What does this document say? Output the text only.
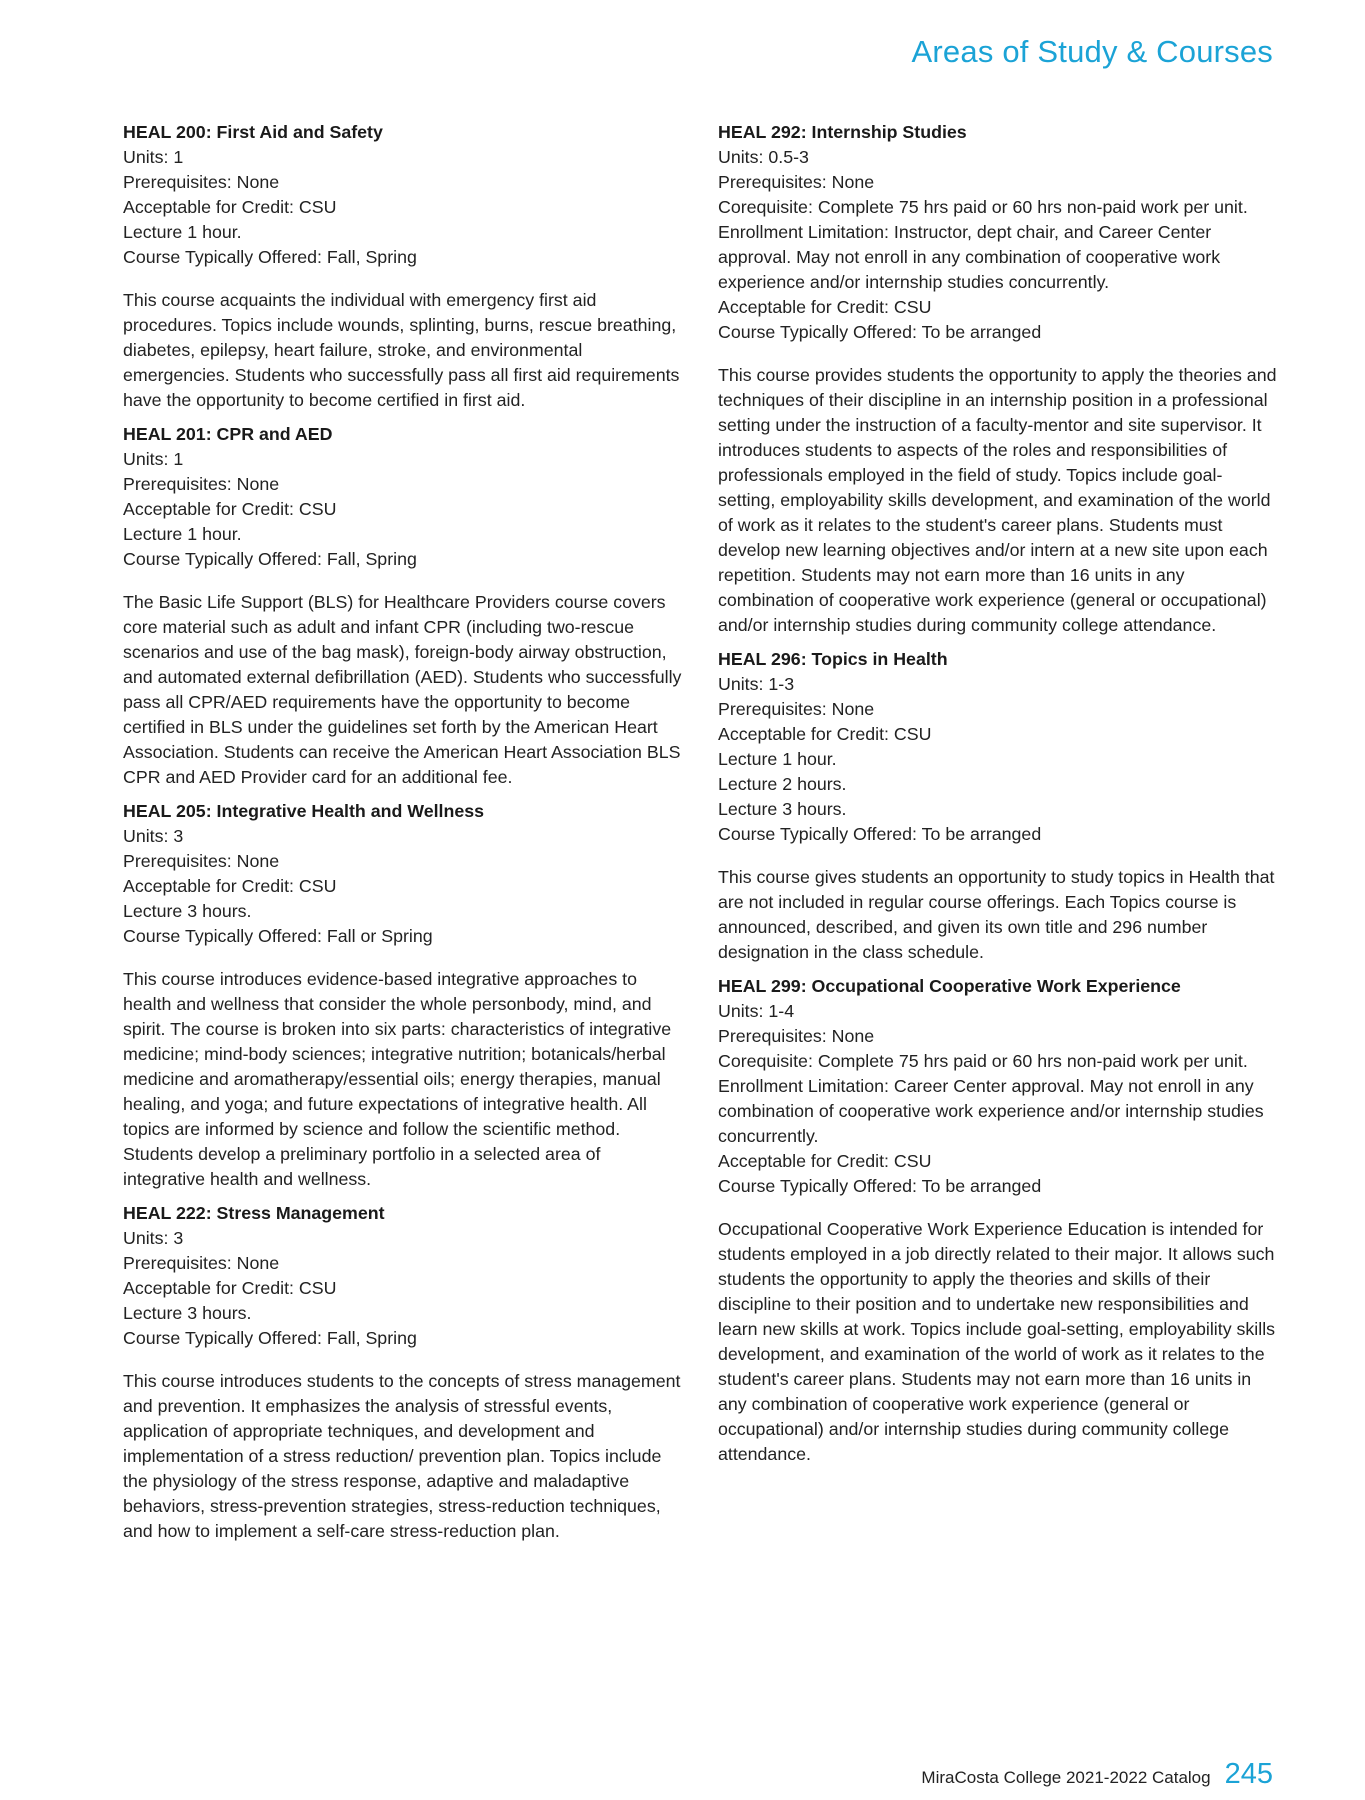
Areas of Study & Courses
HEAL 200: First Aid and Safety
Units: 1
Prerequisites: None
Acceptable for Credit: CSU
Lecture 1 hour.
Course Typically Offered: Fall, Spring
This course acquaints the individual with emergency first aid procedures. Topics include wounds, splinting, burns, rescue breathing, diabetes, epilepsy, heart failure, stroke, and environmental emergencies. Students who successfully pass all first aid requirements have the opportunity to become certified in first aid.
HEAL 201: CPR and AED
Units: 1
Prerequisites: None
Acceptable for Credit: CSU
Lecture 1 hour.
Course Typically Offered: Fall, Spring
The Basic Life Support (BLS) for Healthcare Providers course covers core material such as adult and infant CPR (including two-rescue scenarios and use of the bag mask), foreign-body airway obstruction, and automated external defibrillation (AED). Students who successfully pass all CPR/AED requirements have the opportunity to become certified in BLS under the guidelines set forth by the American Heart Association. Students can receive the American Heart Association BLS CPR and AED Provider card for an additional fee.
HEAL 205: Integrative Health and Wellness
Units: 3
Prerequisites: None
Acceptable for Credit: CSU
Lecture 3 hours.
Course Typically Offered: Fall or Spring
This course introduces evidence-based integrative approaches to health and wellness that consider the whole personbody, mind, and spirit. The course is broken into six parts: characteristics of integrative medicine; mind-body sciences; integrative nutrition; botanicals/herbal medicine and aromatherapy/essential oils; energy therapies, manual healing, and yoga; and future expectations of integrative health. All topics are informed by science and follow the scientific method. Students develop a preliminary portfolio in a selected area of integrative health and wellness.
HEAL 222: Stress Management
Units: 3
Prerequisites: None
Acceptable for Credit: CSU
Lecture 3 hours.
Course Typically Offered: Fall, Spring
This course introduces students to the concepts of stress management and prevention. It emphasizes the analysis of stressful events, application of appropriate techniques, and development and implementation of a stress reduction/ prevention plan. Topics include the physiology of the stress response, adaptive and maladaptive behaviors, stress-prevention strategies, stress-reduction techniques, and how to implement a self-care stress-reduction plan.
HEAL 292: Internship Studies
Units: 0.5-3
Prerequisites: None
Corequisite: Complete 75 hrs paid or 60 hrs non-paid work per unit.
Enrollment Limitation: Instructor, dept chair, and Career Center approval. May not enroll in any combination of cooperative work experience and/or internship studies concurrently.
Acceptable for Credit: CSU
Course Typically Offered: To be arranged
This course provides students the opportunity to apply the theories and techniques of their discipline in an internship position in a professional setting under the instruction of a faculty-mentor and site supervisor. It introduces students to aspects of the roles and responsibilities of professionals employed in the field of study. Topics include goal-setting, employability skills development, and examination of the world of work as it relates to the student's career plans. Students must develop new learning objectives and/or intern at a new site upon each repetition. Students may not earn more than 16 units in any combination of cooperative work experience (general or occupational) and/or internship studies during community college attendance.
HEAL 296: Topics in Health
Units: 1-3
Prerequisites: None
Acceptable for Credit: CSU
Lecture 1 hour.
Lecture 2 hours.
Lecture 3 hours.
Course Typically Offered: To be arranged
This course gives students an opportunity to study topics in Health that are not included in regular course offerings. Each Topics course is announced, described, and given its own title and 296 number designation in the class schedule.
HEAL 299: Occupational Cooperative Work Experience
Units: 1-4
Prerequisites: None
Corequisite: Complete 75 hrs paid or 60 hrs non-paid work per unit.
Enrollment Limitation: Career Center approval. May not enroll in any combination of cooperative work experience and/or internship studies concurrently.
Acceptable for Credit: CSU
Course Typically Offered: To be arranged
Occupational Cooperative Work Experience Education is intended for students employed in a job directly related to their major. It allows such students the opportunity to apply the theories and skills of their discipline to their position and to undertake new responsibilities and learn new skills at work. Topics include goal-setting, employability skills development, and examination of the world of work as it relates to the student's career plans. Students may not earn more than 16 units in any combination of cooperative work experience (general or occupational) and/or internship studies during community college attendance.
MiraCosta College 2021-2022 Catalog 245
